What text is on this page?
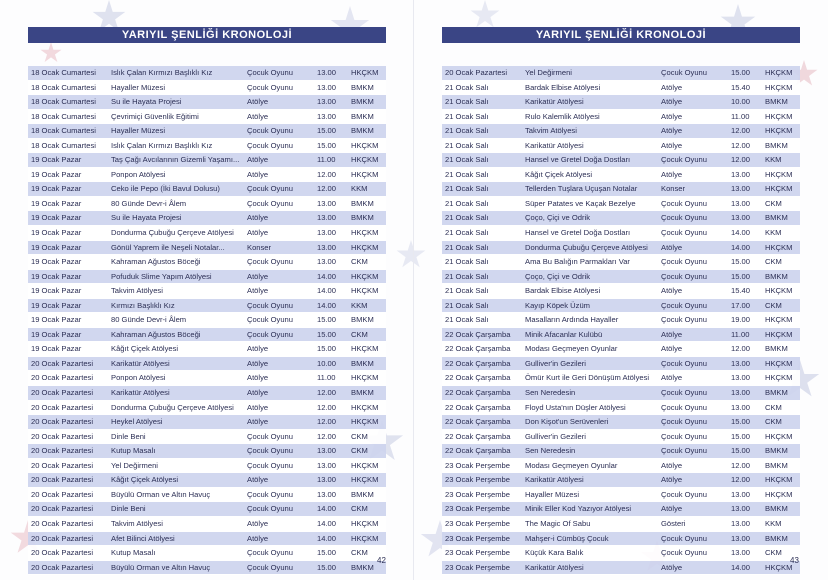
YARIYIL ŞENLİĞİ KRONOLOJİ
18 Ocak Cumartesi	Islık Çalan Kırmızı Başlıklı Kız	Çocuk Oyunu	13.00	HKÇKM
18 Ocak Cumartesi	Hayaller Müzesi	Çocuk Oyunu	13.00	BMKM
18 Ocak Cumartesi	Su ile Hayata Projesi	Atölye	13.00	BMKM
18 Ocak Cumartesi	Çevrimiçi Güvenlik Eğitimi	Atölye	13.00	BMKM
18 Ocak Cumartesi	Hayaller Müzesi	Çocuk Oyunu	15.00	BMKM
18 Ocak Cumartesi	Islık Çalan Kırmızı Başlıklı Kız	Çocuk Oyunu	15.00	HKÇKM
19 Ocak Pazar	Taş Çağı Avcılarının Gizemli Yaşamı...	Atölye	11.00	HKÇKM
19 Ocak Pazar	Ponpon Atölyesi	Atölye	12.00	HKÇKM
19 Ocak Pazar	Ceko ile Pepo (İki Bavul Dolusu)	Çocuk Oyunu	12.00	KKM
19 Ocak Pazar	80 Günde Devr-i Âlem	Çocuk Oyunu	13.00	BMKM
19 Ocak Pazar	Su ile Hayata Projesi	Atölye	13.00	BMKM
19 Ocak Pazar	Dondurma Çubuğu Çerçeve Atölyesi	Atölye	13.00	HKÇKM
19 Ocak Pazar	Gönül Yaprem ile Neşeli Notalar...	Konser	13.00	HKÇKM
19 Ocak Pazar	Kahraman Ağustos Böceği	Çocuk Oyunu	13.00	CKM
19 Ocak Pazar	Pofuduk Slime Yapım Atölyesi	Atölye	14.00	HKÇKM
19 Ocak Pazar	Takvim Atölyesi	Atölye	14.00	HKÇKM
19 Ocak Pazar	Kırmızı Başlıklı Kız	Çocuk Oyunu	14.00	KKM
19 Ocak Pazar	80 Günde Devr-i Âlem	Çocuk Oyunu	15.00	BMKM
19 Ocak Pazar	Kahraman Ağustos Böceği	Çocuk Oyunu	15.00	CKM
19 Ocak Pazar	Kâğıt Çiçek Atölyesi	Atölye	15.00	HKÇKM
20 Ocak Pazartesi	Karikatür Atölyesi	Atölye	10.00	BMKM
20 Ocak Pazartesi	Ponpon Atölyesi	Atölye	11.00	HKÇKM
20 Ocak Pazartesi	Karikatür Atölyesi	Atölye	12.00	BMKM
20 Ocak Pazartesi	Dondurma Çubuğu Çerçeve Atölyesi	Atölye	12.00	HKÇKM
20 Ocak Pazartesi	Heykel Atölyesi	Atölye	12.00	HKÇKM
20 Ocak Pazartesi	Dinle Beni	Çocuk Oyunu	12.00	CKM
20 Ocak Pazartesi	Kutup Masalı	Çocuk Oyunu	13.00	CKM
20 Ocak Pazartesi	Yel Değirmeni	Çocuk Oyunu	13.00	HKÇKM
20 Ocak Pazartesi	Kâğıt Çiçek Atölyesi	Atölye	13.00	HKÇKM
20 Ocak Pazartesi	Büyülü Orman ve Altın Havuç	Çocuk Oyunu	13.00	BMKM
20 Ocak Pazartesi	Dinle Beni	Çocuk Oyunu	14.00	CKM
20 Ocak Pazartesi	Takvim Atölyesi	Atölye	14.00	HKÇKM
20 Ocak Pazartesi	Afet Bilinci Atölyesi	Atölye	14.00	HKÇKM
20 Ocak Pazartesi	Kutup Masalı	Çocuk Oyunu	15.00	CKM
20 Ocak Pazartesi	Büyülü Orman ve Altın Havuç	Çocuk Oyunu	15.00	BMKM
42
YARIYIL ŞENLİĞİ KRONOLOJİ
20 Ocak Pazartesi	Yel Değirmeni	Çocuk Oyunu	15.00	HKÇKM
21 Ocak Salı	Bardak Elbise Atölyesi	Atölye	15.40	HKÇKM
21 Ocak Salı	Karikatür Atölyesi	Atölye	10.00	BMKM
21 Ocak Salı	Rulo Kalemlik Atölyesi	Atölye	11.00	HKÇKM
21 Ocak Salı	Takvim Atölyesi	Atölye	12.00	HKÇKM
21 Ocak Salı	Karikatür Atölyesi	Atölye	12.00	BMKM
21 Ocak Salı	Hansel ve Gretel Doğa Dostları	Çocuk Oyunu	12.00	KKM
21 Ocak Salı	Kâğıt Çiçek Atölyesi	Atölye	13.00	HKÇKM
21 Ocak Salı	Tellerden Tuşlara Uçuşan Notalar	Konser	13.00	HKÇKM
21 Ocak Salı	Süper Patates ve Kaçak Bezelye	Çocuk Oyunu	13.00	CKM
21 Ocak Salı	Çoço, Çiçi ve Odrik	Çocuk Oyunu	13.00	BMKM
21 Ocak Salı	Hansel ve Gretel Doğa Dostları	Çocuk Oyunu	14.00	KKM
21 Ocak Salı	Dondurma Çubuğu Çerçeve Atölyesi	Atölye	14.00	HKÇKM
21 Ocak Salı	Ama Bu Balığın Parmakları Var	Çocuk Oyunu	15.00	CKM
21 Ocak Salı	Çoço, Çiçi ve Odrik	Çocuk Oyunu	15.00	BMKM
21 Ocak Salı	Bardak Elbise Atölyesi	Atölye	15.40	HKÇKM
21 Ocak Salı	Kayıp Köpek Üzüm	Çocuk Oyunu	17.00	CKM
21 Ocak Salı	Masalların Ardında Hayaller	Çocuk Oyunu	19.00	HKÇKM
22 Ocak Çarşamba	Minik Afacanlar Kulübü	Atölye	11.00	HKÇKM
22 Ocak Çarşamba	Modası Geçmeyen Oyunlar	Atölye	12.00	BMKM
22 Ocak Çarşamba	Gulliver'in Gezileri	Çocuk Oyunu	13.00	HKÇKM
22 Ocak Çarşamba	Ömür Kurt ile Geri Dönüşüm Atölyesi	Atölye	13.00	HKÇKM
22 Ocak Çarşamba	Sen Neredesin	Çocuk Oyunu	13.00	BMKM
22 Ocak Çarşamba	Floyd Usta'nın Düşler Atölyesi	Çocuk Oyunu	13.00	CKM
22 Ocak Çarşamba	Don Kişot'un Serüvenleri	Çocuk Oyunu	15.00	CKM
22 Ocak Çarşamba	Gulliver'in Gezileri	Çocuk Oyunu	15.00	HKÇKM
22 Ocak Çarşamba	Sen Neredesin	Çocuk Oyunu	15.00	BMKM
23 Ocak Perşembe	Modası Geçmeyen Oyunlar	Atölye	12.00	BMKM
23 Ocak Perşembe	Karikatür Atölyesi	Atölye	12.00	HKÇKM
23 Ocak Perşembe	Hayaller Müzesi	Çocuk Oyunu	13.00	HKÇKM
23 Ocak Perşembe	Minik Eller Kod Yazıyor Atölyesi	Atölye	13.00	BMKM
23 Ocak Perşembe	The Magic Of Sabu	Gösteri	13.00	KKM
23 Ocak Perşembe	Mahşer-i Cümbüş Çocuk	Çocuk Oyunu	13.00	BMKM
23 Ocak Perşembe	Küçük Kara Balık	Çocuk Oyunu	13.00	CKM
23 Ocak Perşembe	Karikatür Atölyesi	Atölye	14.00	HKÇKM
43
